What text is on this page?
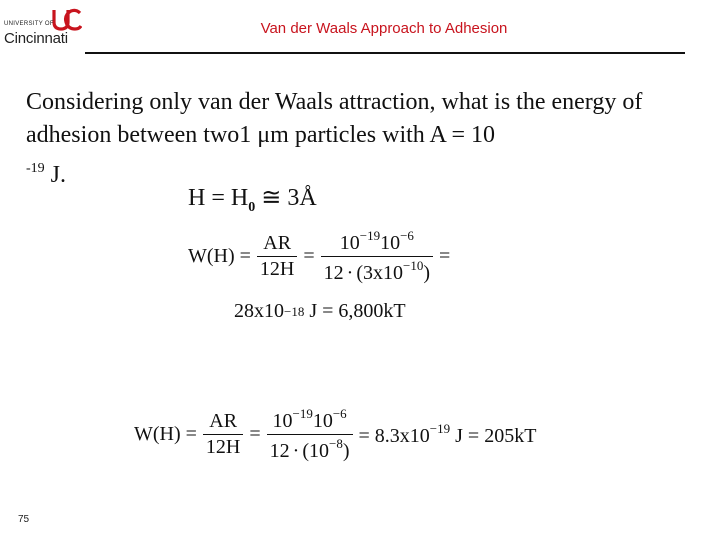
UNIVERSITY OF
Cincinnati
Van der Waals Approach to Adhesion
Considering only van der Waals attraction, what is the energy of adhesion between two1 μm particles with A = 10
$^{-19}$ J.
$H = H_0$ ≅ 3Å
$W(H) = \frac{AR}{12H} = \frac{10^{-19}10^{-6}}{12 \cdot (3x10^{-10})}$ =
28x10 −18 J = 6,800kT
$W(H) = \frac{AR}{12H} = \frac{10^{-19}10^{-6}}{12 \cdot (10^{-8})} = 8.3x10^{-19}$ J = 205kT
75
